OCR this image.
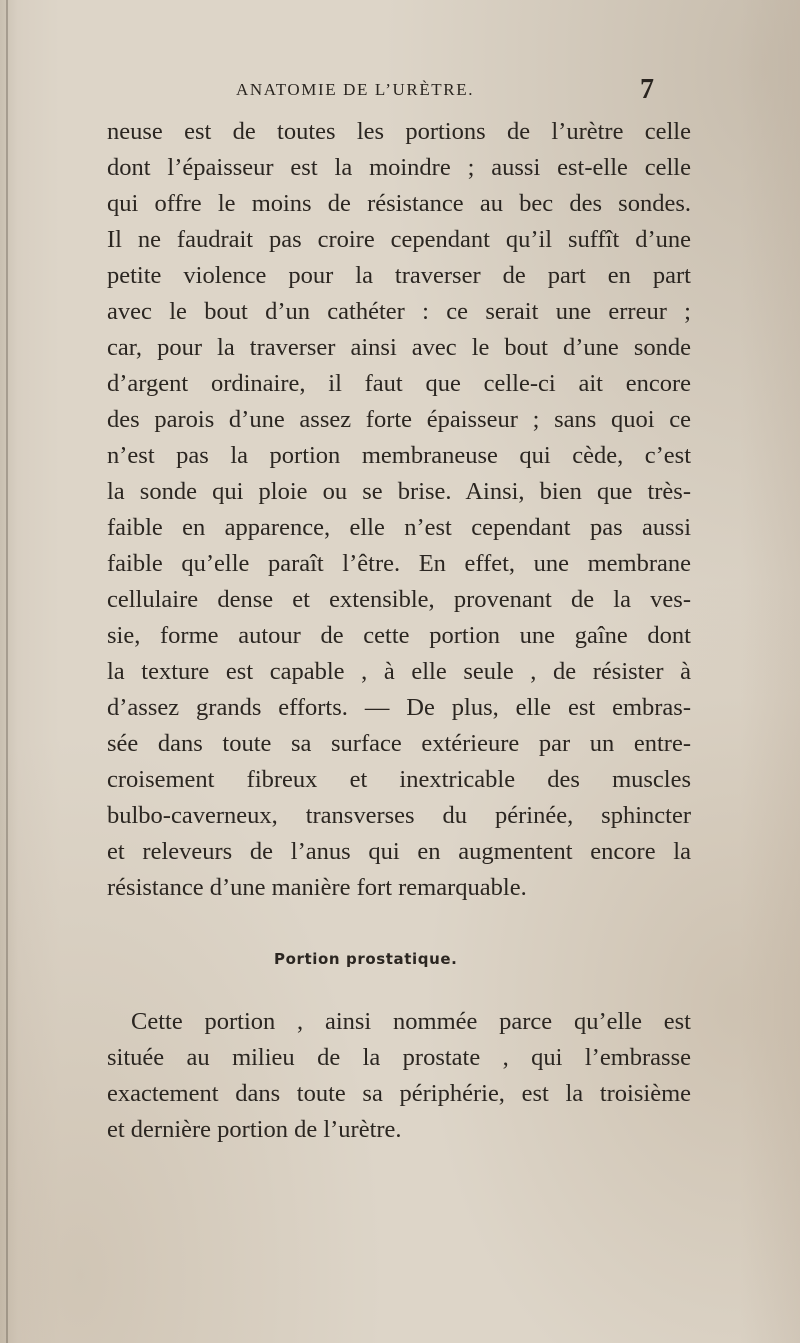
ANATOMIE DE L’URÈTRE.	7
neuse est de toutes les portions de l’urètre celle
dont l’épaisseur est la moindre ; aussi est-elle celle
qui offre le moins de résistance au bec des sondes.
Il ne faudrait pas croire cependant qu’il suffît d’une
petite violence pour la traverser de part en part
avec le bout d’un cathéter : ce serait une erreur ;
car, pour la traverser ainsi avec le bout d’une sonde
d’argent ordinaire, il faut que celle-ci ait encore
des parois d’une assez forte épaisseur ; sans quoi ce
n’est pas la portion membraneuse qui cède, c’est
la sonde qui ploie ou se brise. Ainsi, bien que très-
faible en apparence, elle n’est cependant pas aussi
faible qu’elle paraît l’être. En effet, une membrane
cellulaire dense et extensible, provenant de la ves-
sie, forme autour de cette portion une gaîne dont
la texture est capable , à elle seule , de résister à
d’assez grands efforts. — De plus, elle est embras-
sée dans toute sa surface extérieure par un entre-
croisement fibreux et inextricable des muscles
bulbo-caverneux, transverses du périnée, sphincter
et releveurs de l’anus qui en augmentent encore la
résistance d’une manière fort remarquable.
Portion prostatique.
Cette portion , ainsi nommée parce qu’elle est
située au milieu de la prostate , qui l’embrasse
exactement dans toute sa périphérie, est la troisième
et dernière portion de l’urètre.
